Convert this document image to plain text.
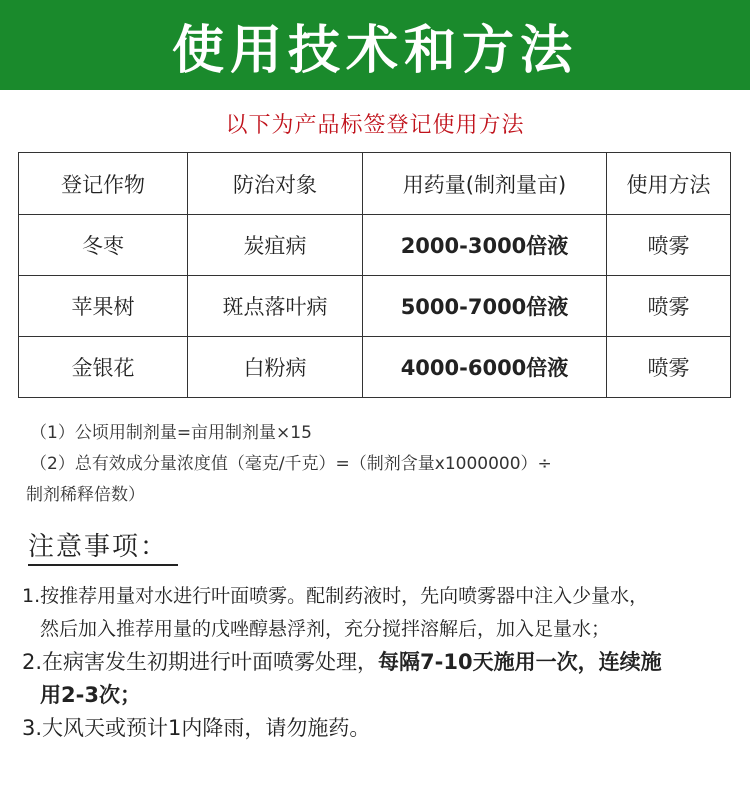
使用技术和方法
以下为产品标签登记使用方法
登记作物	防治对象	用药量(制剂量亩)	使用方法
冬枣	炭疽病	2000-3000倍液	喷雾
苹果树	斑点落叶病	5000-7000倍液	喷雾
金银花	白粉病	4000-6000倍液	喷雾
（1）公顷用制剂量=亩用制剂量×15
（2）总有效成分量浓度值（毫克/千克）=（制剂含量x1000000）÷
制剂稀释倍数）
注意事项：
1.按推荐用量对水进行叶面喷雾。配制药液时，先向喷雾器中注入少量水，
然后加入推荐用量的戊唑醇悬浮剂，充分搅拌溶解后，加入足量水；
2.在病害发生初期进行叶面喷雾处理，每隔7-10天施用一次，连续施
用2-3次；
3.大风天或预计1内降雨，请勿施药。
